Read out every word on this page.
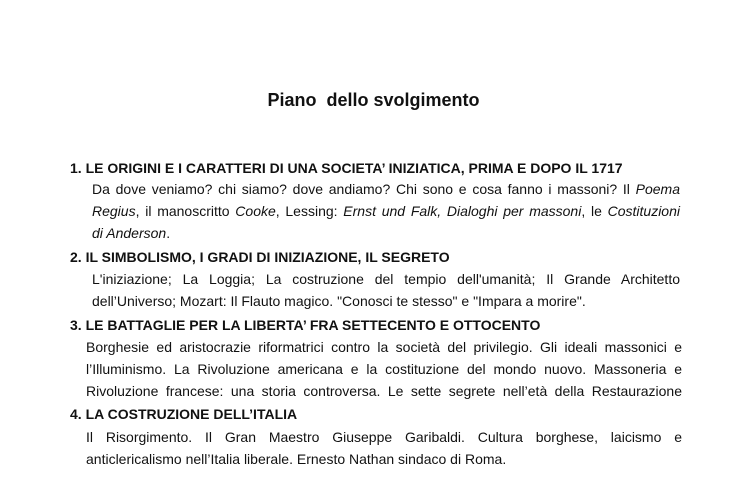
Piano  dello svolgimento
1. LE ORIGINI E I CARATTERI DI UNA SOCIETA’ INIZIATICA, PRIMA E DOPO IL 1717
Da dove veniamo? chi siamo? dove andiamo? Chi sono e cosa fanno i massoni? Il Poema
Regius, il manoscritto Cooke, Lessing: Ernst und Falk, Dialoghi per massoni, le Costituzioni
di Anderson.
2. IL SIMBOLISMO, I GRADI DI INIZIAZIONE, IL SEGRETO
L'iniziazione; La Loggia; La costruzione del tempio dell'umanità; Il Grande Architetto
dell’Universo; Mozart: Il Flauto magico. "Conosci te stesso" e "Impara a morire".
3. LE BATTAGLIE PER LA LIBERTA’ FRA SETTECENTO E OTTOCENTO
Borghesie ed aristocrazie riformatrici contro la società del privilegio. Gli ideali massonici e
l’Illuminismo. La Rivoluzione americana e la costituzione del mondo nuovo. Massoneria e
Rivoluzione francese: una storia controversa. Le sette segrete nell’età della Restaurazione
4. LA COSTRUZIONE DELL’ITALIA
Il Risorgimento. Il Gran Maestro Giuseppe Garibaldi. Cultura borghese, laicismo e
anticlericalismo nell’Italia liberale. Ernesto Nathan sindaco di Roma.
